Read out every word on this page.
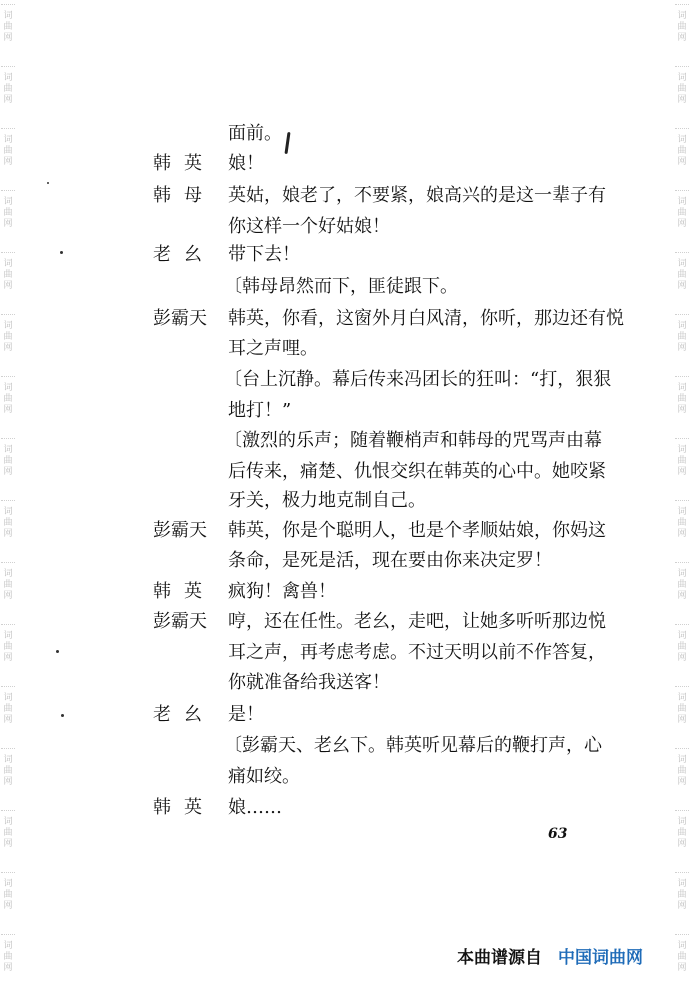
词
曲
网
词
曲
网
词
曲
网
词
曲
网
词
曲
网
词
曲
网
词
曲
网
词
曲
网
词
曲
网
词
曲
网
词
曲
网
词
曲
网
词
曲
网
词
曲
网
词
曲
网
词
曲
网
词
曲
网
词
曲
网
词
曲
网
词
曲
网
词
曲
网
词
曲
网
词
曲
网
词
曲
网
词
曲
网
词
曲
网
词
曲
网
词
曲
网
词
曲
网
词
曲
网
词
曲
网
词
曲
网
面前。
韩英 娘！
韩母 英姑，娘老了，不要紧，娘高兴的是这一辈子有
你这样一个好姑娘！
老幺 带下去！
〔韩母昂然而下，匪徒跟下。
彭霸天 韩英，你看，这窗外月白风清，你听，那边还有悦
耳之声哩。
〔台上沉静。幕后传来冯团长的狂叫：“打，狠狠
地打！”
〔激烈的乐声；随着鞭梢声和韩母的咒骂声由幕
后传来，痛楚、仇恨交织在韩英的心中。她咬紧
牙关，极力地克制自己。
彭霸天 韩英，你是个聪明人，也是个孝顺姑娘，你妈这
条命，是死是活，现在要由你来决定罗！
韩英 疯狗！禽兽！
彭霸天 哼，还在任性。老幺，走吧，让她多听听那边悦
耳之声，再考虑考虑。不过天明以前不作答复，
你就准备给我送客！
老幺 是！
〔彭霸天、老幺下。韩英听见幕后的鞭打声，心
痛如绞。
韩英 娘……
63
本曲谱源自 中国词曲网
